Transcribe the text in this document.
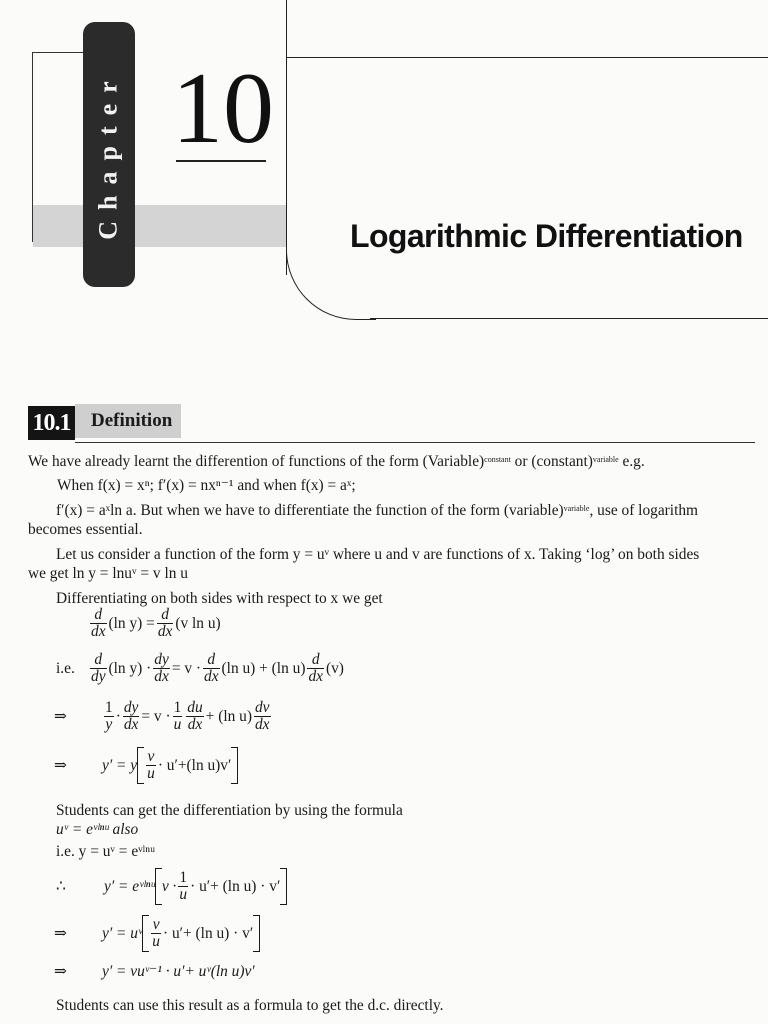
Chapter 10
Logarithmic Differentiation
10.1	Definition
We have already learnt the differention of functions of the form (Variable)$^{constant}$ or (constant)$^{variable}$ e.g.
When f(x) = xⁿ; f′(x) = nxⁿ⁻¹ and when f(x) = aˣ;
f′(x) = aˣln a. But when we have to differentiate the function of the form (variable)$^{variable}$, use of logarithm
becomes essential.
Let us consider a function of the form y = uᵛ where u and v are functions of x. Taking ‘log’ on both sides
we get ln y = lnuᵛ = v ln u
Differentiating on both sides with respect to x we get
$\frac{d}{dx} (\ln$ $y) = \frac{d}{dx} (v$ ln u)
i.e. $\frac{d}{dy} (\ln$ $y) \cdot \frac{dy}{dx} = v \cdot \frac{d}{dx} (\ln$ u) + (ln $u) \frac{d}{dx} (v)$
⇒	$\frac{1}{y} \cdot \frac{dy}{dx} = v \cdot \frac{1}{u} \frac{du}{dx} + (\ln$ $u) \frac{dv}{dx}$
⇒	y′ = y $\frac{v}{u} \cdot u'+(\ln$ u)v′
Students can get the differentiation by using the formula
uᵛ = eᵛˡⁿᵘ also
i.e. y = uᵛ = eᵛˡⁿᵘ
∴	y′ = eᵛˡⁿᵘ $v \cdot \frac{1}{u} \cdot u'+ (\ln$ u) · v′
⇒	y′ = uᵛ $\frac{v}{u} \cdot u'+ (\ln$ u) · v′
⇒	y′ = vuᵛ⁻¹ · u′+ uᵛ(ln u)v′
Students can use this result as a formula to get the d.c. directly.
